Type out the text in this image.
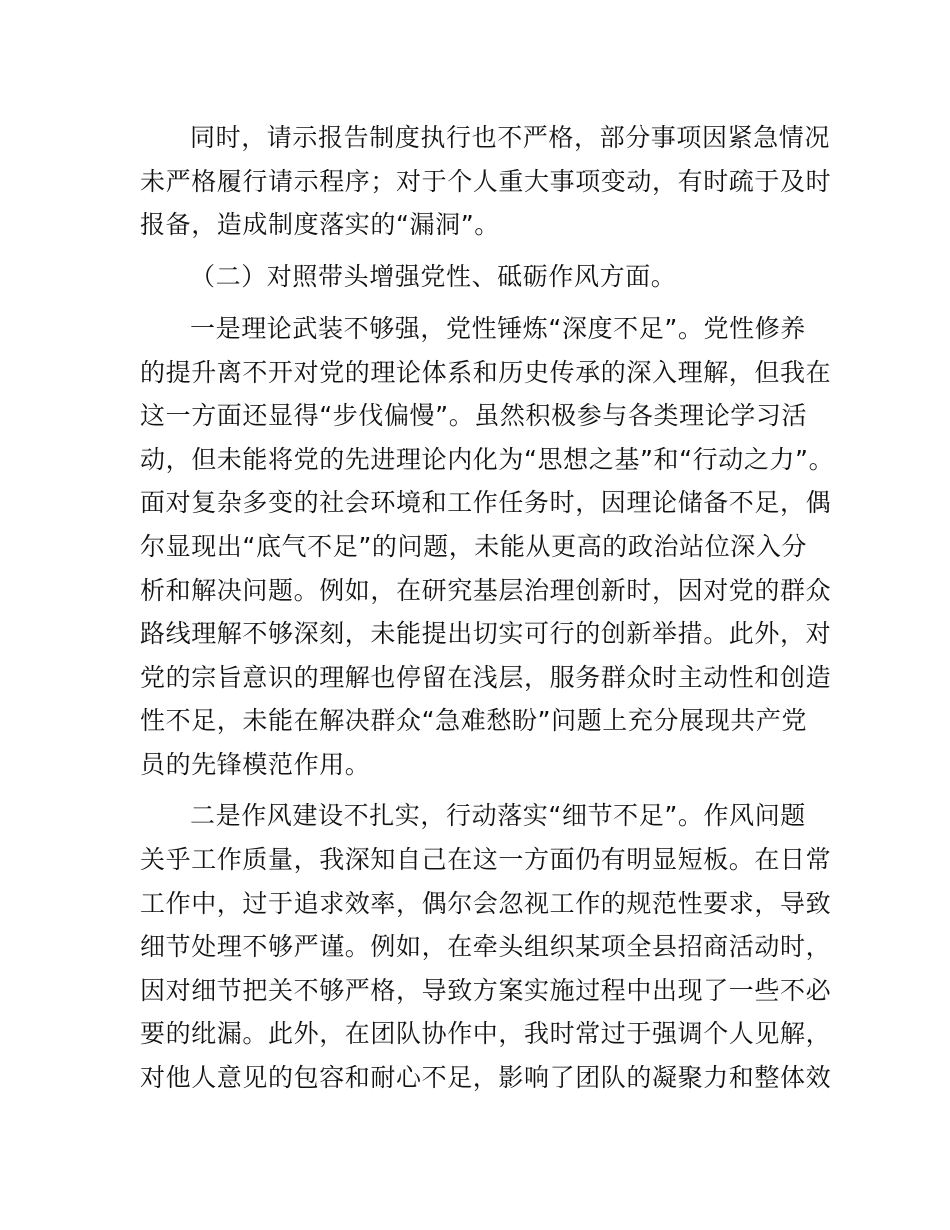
同时，请示报告制度执行也不严格，部分事项因紧急情况
未严格履行请示程序；对于个人重大事项变动，有时疏于及时
报备，造成制度落实的“漏洞”。
（二）对照带头增强党性、砥砺作风方面。
一是理论武装不够强，党性锤炼“深度不足”。党性修养
的提升离不开对党的理论体系和历史传承的深入理解，但我在
这一方面还显得“步伐偏慢”。虽然积极参与各类理论学习活
动，但未能将党的先进理论内化为“思想之基”和“行动之力”。
面对复杂多变的社会环境和工作任务时，因理论储备不足，偶
尔显现出“底气不足”的问题，未能从更高的政治站位深入分
析和解决问题。例如，在研究基层治理创新时，因对党的群众
路线理解不够深刻，未能提出切实可行的创新举措。此外，对
党的宗旨意识的理解也停留在浅层，服务群众时主动性和创造
性不足，未能在解决群众“急难愁盼”问题上充分展现共产党
员的先锋模范作用。
二是作风建设不扎实，行动落实“细节不足”。作风问题
关乎工作质量，我深知自己在这一方面仍有明显短板。在日常
工作中，过于追求效率，偶尔会忽视工作的规范性要求，导致
细节处理不够严谨。例如，在牵头组织某项全县招商活动时，
因对细节把关不够严格，导致方案实施过程中出现了一些不必
要的纰漏。此外，在团队协作中，我时常过于强调个人见解，
对他人意见的包容和耐心不足，影响了团队的凝聚力和整体效
